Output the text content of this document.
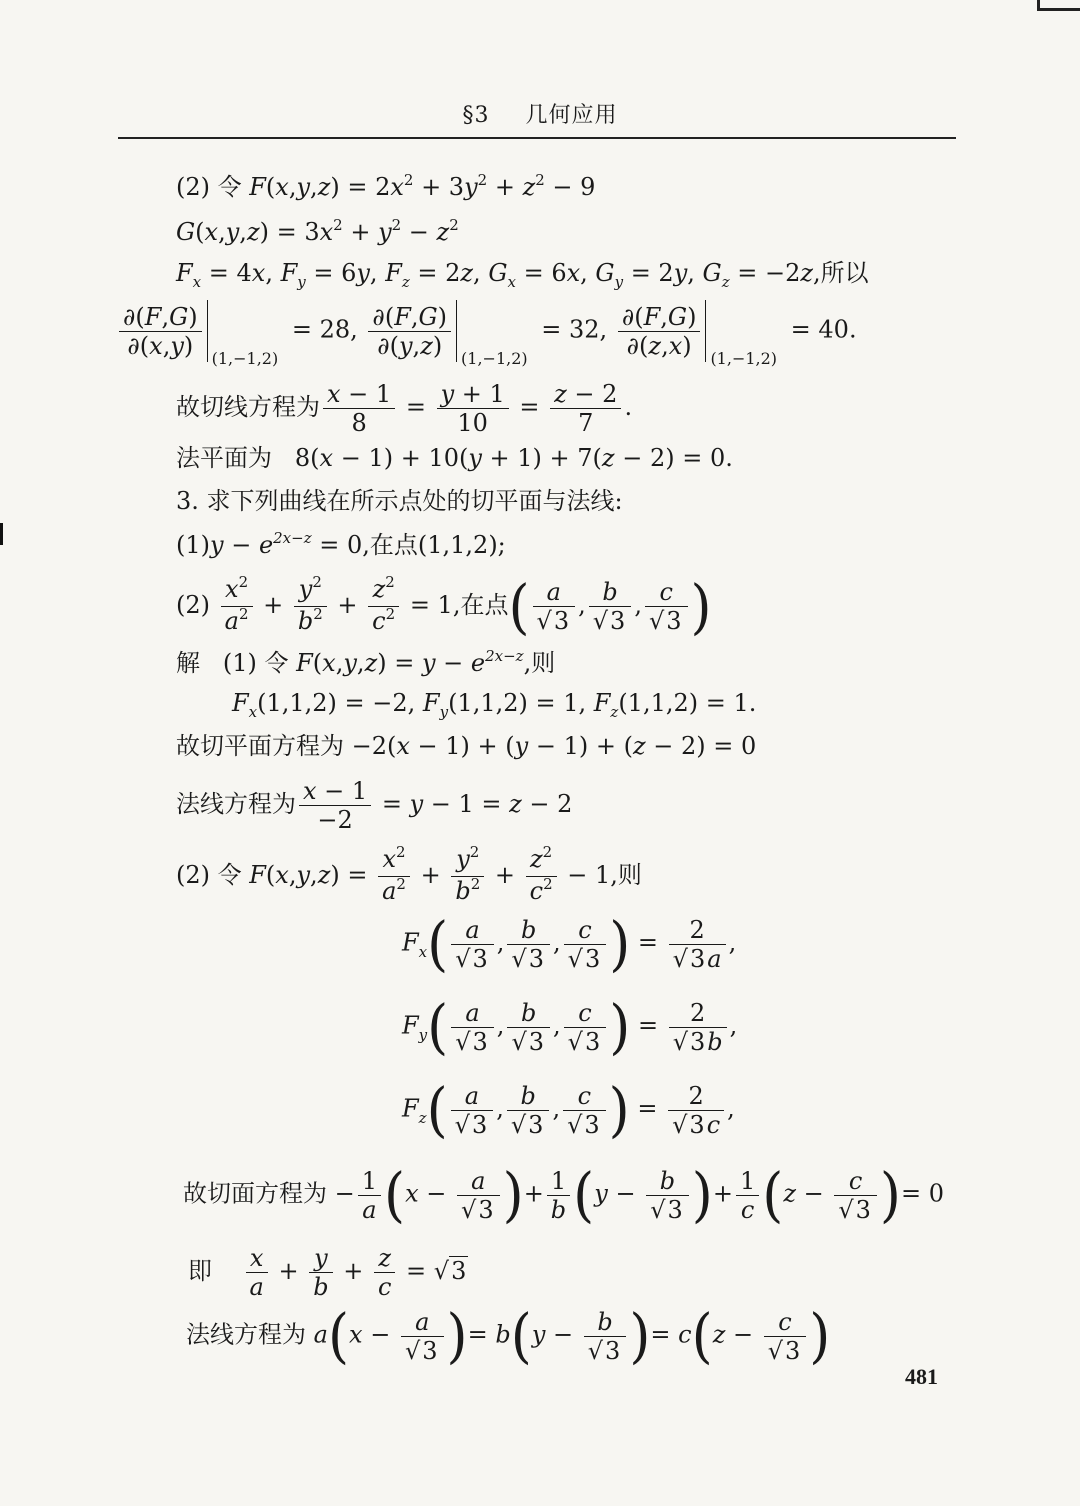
§3 几何应用
(2) 令 $F(x,y,z) = 2x^2 + 3y^2 + z^2 - 9$
$G(x,y,z) = 3x^2 + y^2 - z^2$
$F_x = 4x$, $F_y = 6y$, $F_z = 2z$, $G_x = 6x$, $G_y = 2y$, $G_z = -2z$,所以
$\frac{\partial(F,G)}{\partial(x,y)} (1,-1,2) = 28$, $\frac{\partial(F,G)}{\partial(y,z)} (1,-1,2) = 32$, $\frac{\partial(F,G)}{\partial(z,x)} (1,-1,2) = 40$.
故切线方程为 $\frac{x - 1}{8} = \frac{y + 1}{10} = \frac{z - 2}{7}$ .
法平面为   8(x − 1) + 10(y + 1) + 7(z − 2) = 0.
3. 求下列曲线在所示点处的切平面与法线:
$(1)y - e^{2x-z} = 0$,在点(1,1,2);
$(2) \frac{x^2}{a^2} + \frac{y^2}{b^2} + \frac{z^2}{c^2} = 1$,在点( $\frac{a}{√3}$ , $\frac{b}{√3}$ , $\frac{c}{√3}$ )
解   (1) 令 $F(x,y,z) = y - e^{2x-z}$,则
$F_x(1,1,2) = -2$, $F_y(1,1,2) = 1$, $F_z(1,1,2) = 1$.
故切平面方程为 −2(x − 1) + (y − 1) + (z − 2) = 0
法线方程为 $\frac{x - 1}{-2} = y - 1 = z - 2$
(2) 令 $F(x,y,z) = \frac{x^2}{a^2} + \frac{y^2}{b^2} + \frac{z^2}{c^2} - 1$,则
$F_x( \frac{a}{√3}$ , $\frac{b}{√3}$ , $\frac{c}{√3}$ ) = $\frac{2}{√3a}$ ,
$F_y( \frac{a}{√3}$ , $\frac{b}{√3}$ , $\frac{c}{√3}$ ) = $\frac{2}{√3b}$ ,
$F_z( \frac{a}{√3}$ , $\frac{b}{√3}$ , $\frac{c}{√3}$ ) = $\frac{2}{√3c}$ ,
故切面方程为 − $\frac{1}{a} (x - \frac{a}{√3}$ )+ $\frac{1}{b} (y - \frac{b}{√3}$ )+ $\frac{1}{c} (z - \frac{c}{√3}$ )= 0
即 $\frac{x}{a} + \frac{y}{b} + \frac{z}{c} = √3$
法线方程为 $a(x - \frac{a}{√3}$ )= $b(y - \frac{b}{√3}$ )= $c(z - \frac{c}{√3}$ )
481
